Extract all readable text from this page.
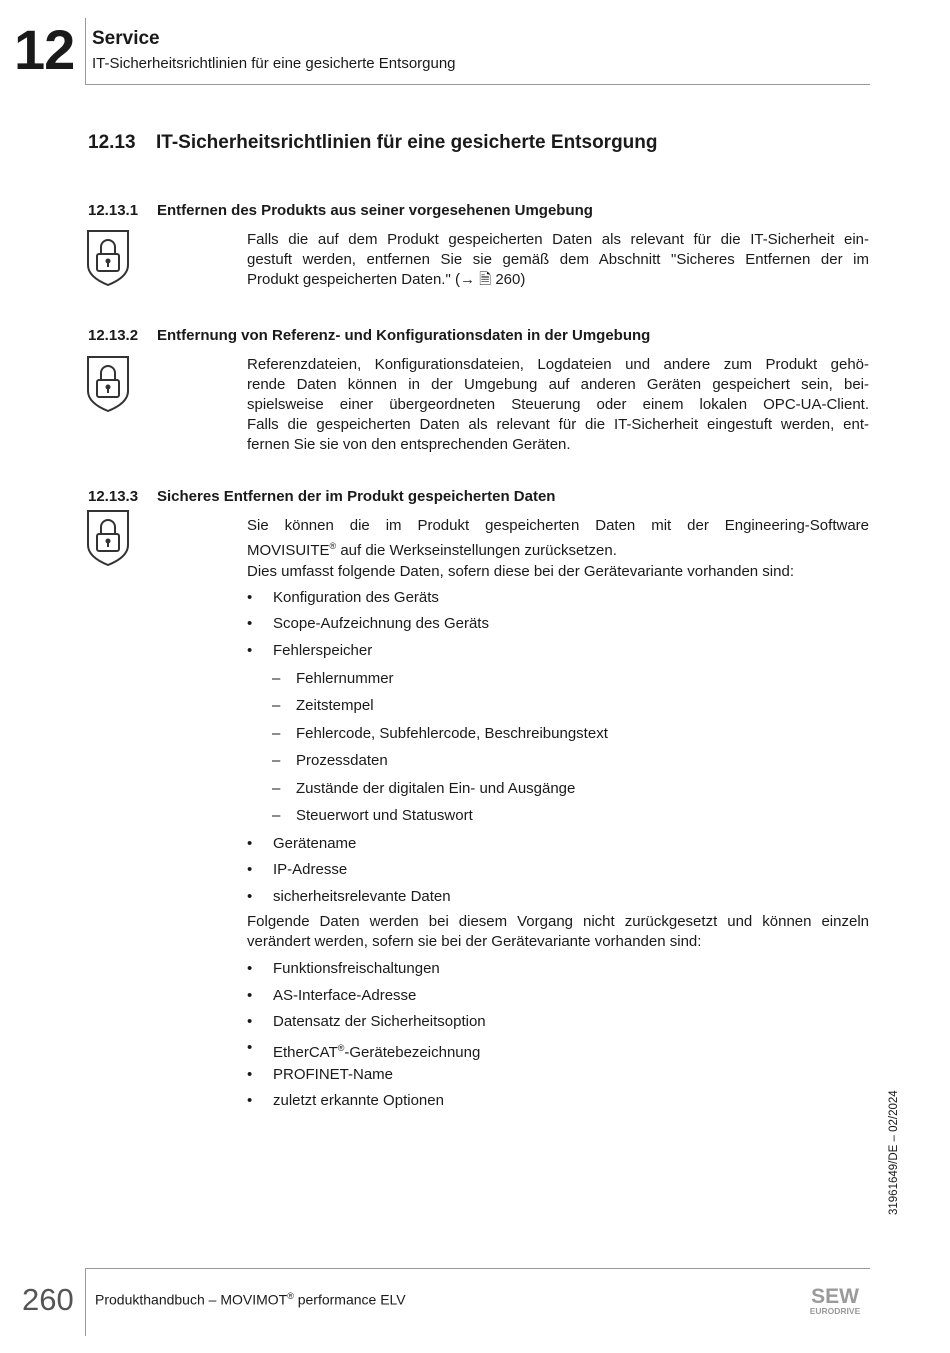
12 Service
IT-Sicherheitsrichtlinien für eine gesicherte Entsorgung
12.13 IT-Sicherheitsrichtlinien für eine gesicherte Entsorgung
12.13.1 Entfernen des Produkts aus seiner vorgesehenen Umgebung
Falls die auf dem Produkt gespeicherten Daten als relevant für die IT-Sicherheit ein-
gestuft werden, entfernen Sie sie gemäß dem Abschnitt "Sicheres Entfernen der im
Produkt gespeicherten Daten." (→ 🗎 260)
12.13.2 Entfernung von Referenz- und Konfigurationsdaten in der Umgebung
Referenzdateien, Konfigurationsdateien, Logdateien und andere zum Produkt gehö-
rende Daten können in der Umgebung auf anderen Geräten gespeichert sein, bei-
spielsweise einer übergeordneten Steuerung oder einem lokalen OPC-UA-Client.
Falls die gespeicherten Daten als relevant für die IT-Sicherheit eingestuft werden, ent-
fernen Sie sie von den entsprechenden Geräten.
12.13.3 Sicheres Entfernen der im Produkt gespeicherten Daten
Sie können die im Produkt gespeicherten Daten mit der Engineering-Software
MOVISUITE® auf die Werkseinstellungen zurücksetzen.
Dies umfasst folgende Daten, sofern diese bei der Gerätevariante vorhanden sind:
• Konfiguration des Geräts
• Scope-Aufzeichnung des Geräts
• Fehlerspeicher
– Fehlernummer
– Zeitstempel
– Fehlercode, Subfehlercode, Beschreibungstext
– Prozessdaten
– Zustände der digitalen Ein- und Ausgänge
– Steuerwort und Statuswort
• Gerätename
• IP-Adresse
• sicherheitsrelevante Daten
Folgende Daten werden bei diesem Vorgang nicht zurückgesetzt und können einzeln
verändert werden, sofern sie bei der Gerätevariante vorhanden sind:
• Funktionsfreischaltungen
• AS-Interface-Adresse
• Datensatz der Sicherheitsoption
• EtherCAT®-Gerätebezeichnung
• PROFINET-Name
• zuletzt erkannte Optionen	31961649/DE – 02/2024
260 Produkthandbuch – MOVIMOT® performance ELV	SEW
EURODRIVE
